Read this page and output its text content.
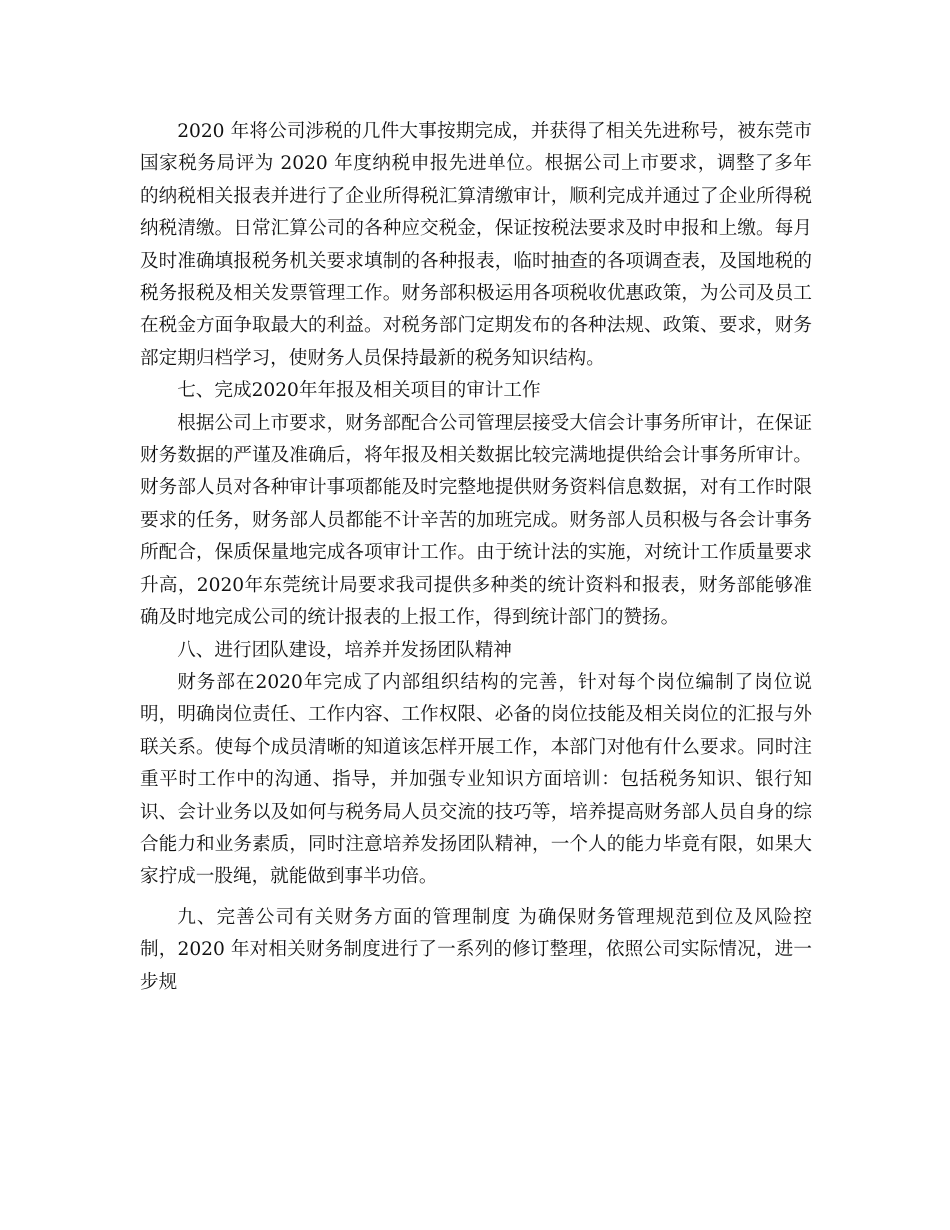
2020 年将公司涉税的几件大事按期完成，并获得了相关先进称号，被东莞市国家税务局评为 2020 年度纳税申报先进单位。根据公司上市要求，调整了多年的纳税相关报表并进行了企业所得税汇算清缴审计，顺利完成并通过了企业所得税纳税清缴。日常汇算公司的各种应交税金，保证按税法要求及时申报和上缴。每月及时准确填报税务机关要求填制的各种报表，临时抽查的各项调查表，及国地税的税务报税及相关发票管理工作。财务部积极运用各项税收优惠政策，为公司及员工在税金方面争取最大的利益。对税务部门定期发布的各种法规、政策、要求，财务部定期归档学习，使财务人员保持最新的税务知识结构。

七、完成2020年年报及相关项目的审计工作

根据公司上市要求，财务部配合公司管理层接受大信会计事务所审计，在保证财务数据的严谨及准确后，将年报及相关数据比较完满地提供给会计事务所审计。财务部人员对各种审计事项都能及时完整地提供财务资料信息数据，对有工作时限要求的任务，财务部人员都能不计辛苦的加班完成。财务部人员积极与各会计事务所配合，保质保量地完成各项审计工作。由于统计法的实施，对统计工作质量要求升高，2020年东莞统计局要求我司提供多种类的统计资料和报表，财务部能够准确及时地完成公司的统计报表的上报工作，得到统计部门的赞扬。

八、进行团队建设，培养并发扬团队精神

财务部在2020年完成了内部组织结构的完善，针对每个岗位编制了岗位说明，明确岗位责任、工作内容、工作权限、必备的岗位技能及相关岗位的汇报与外联关系。使每个成员清晰的知道该怎样开展工作，本部门对他有什么要求。同时注重平时工作中的沟通、指导，并加强专业知识方面培训：包括税务知识、银行知识、会计业务以及如何与税务局人员交流的技巧等，培养提高财务部人员自身的综合能力和业务素质，同时注意培养发扬团队精神，一个人的能力毕竟有限，如果大家拧成一股绳，就能做到事半功倍。

九、完善公司有关财务方面的管理制度 为确保财务管理规范到位及风险控制，2020 年对相关财务制度进行了一系列的修订整理，依照公司实际情况，进一步规
